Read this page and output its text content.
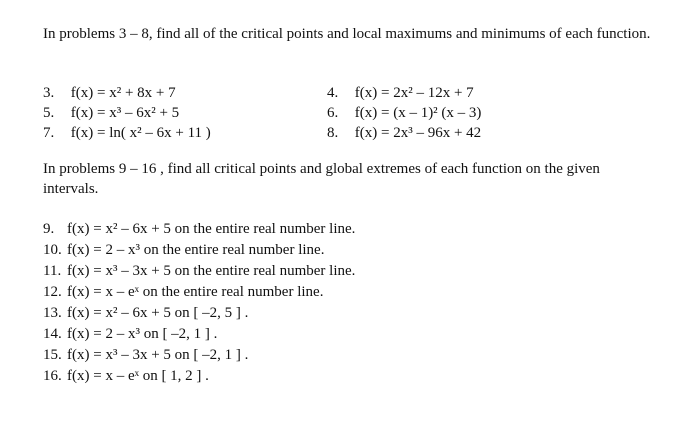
In problems 3 – 8, find all of the critical points and local maximums and minimums of each function.
3. f(x) = x² + 8x + 7
5. f(x) = x³ – 6x² + 5
7. f(x) = ln( x² – 6x + 11 )
4. f(x) = 2x² – 12x + 7
6. f(x) = (x – 1)² (x – 3)
8. f(x) = 2x³ – 96x + 42
In problems 9 – 16 , find all critical points and global extremes of each function on the given intervals.
9. f(x) = x² – 6x + 5 on the entire real number line.
10. f(x) = 2 – x³ on the entire real number line.
11. f(x) = x³ – 3x + 5 on the entire real number line.
12. f(x) = x – eˣ on the entire real number line.
13. f(x) = x² – 6x + 5 on [ –2, 5 ] .
14. f(x) = 2 – x³ on [ –2, 1 ] .
15. f(x) = x³ – 3x + 5 on [ –2, 1 ] .
16. f(x) = x – eˣ on [ 1, 2 ] .
